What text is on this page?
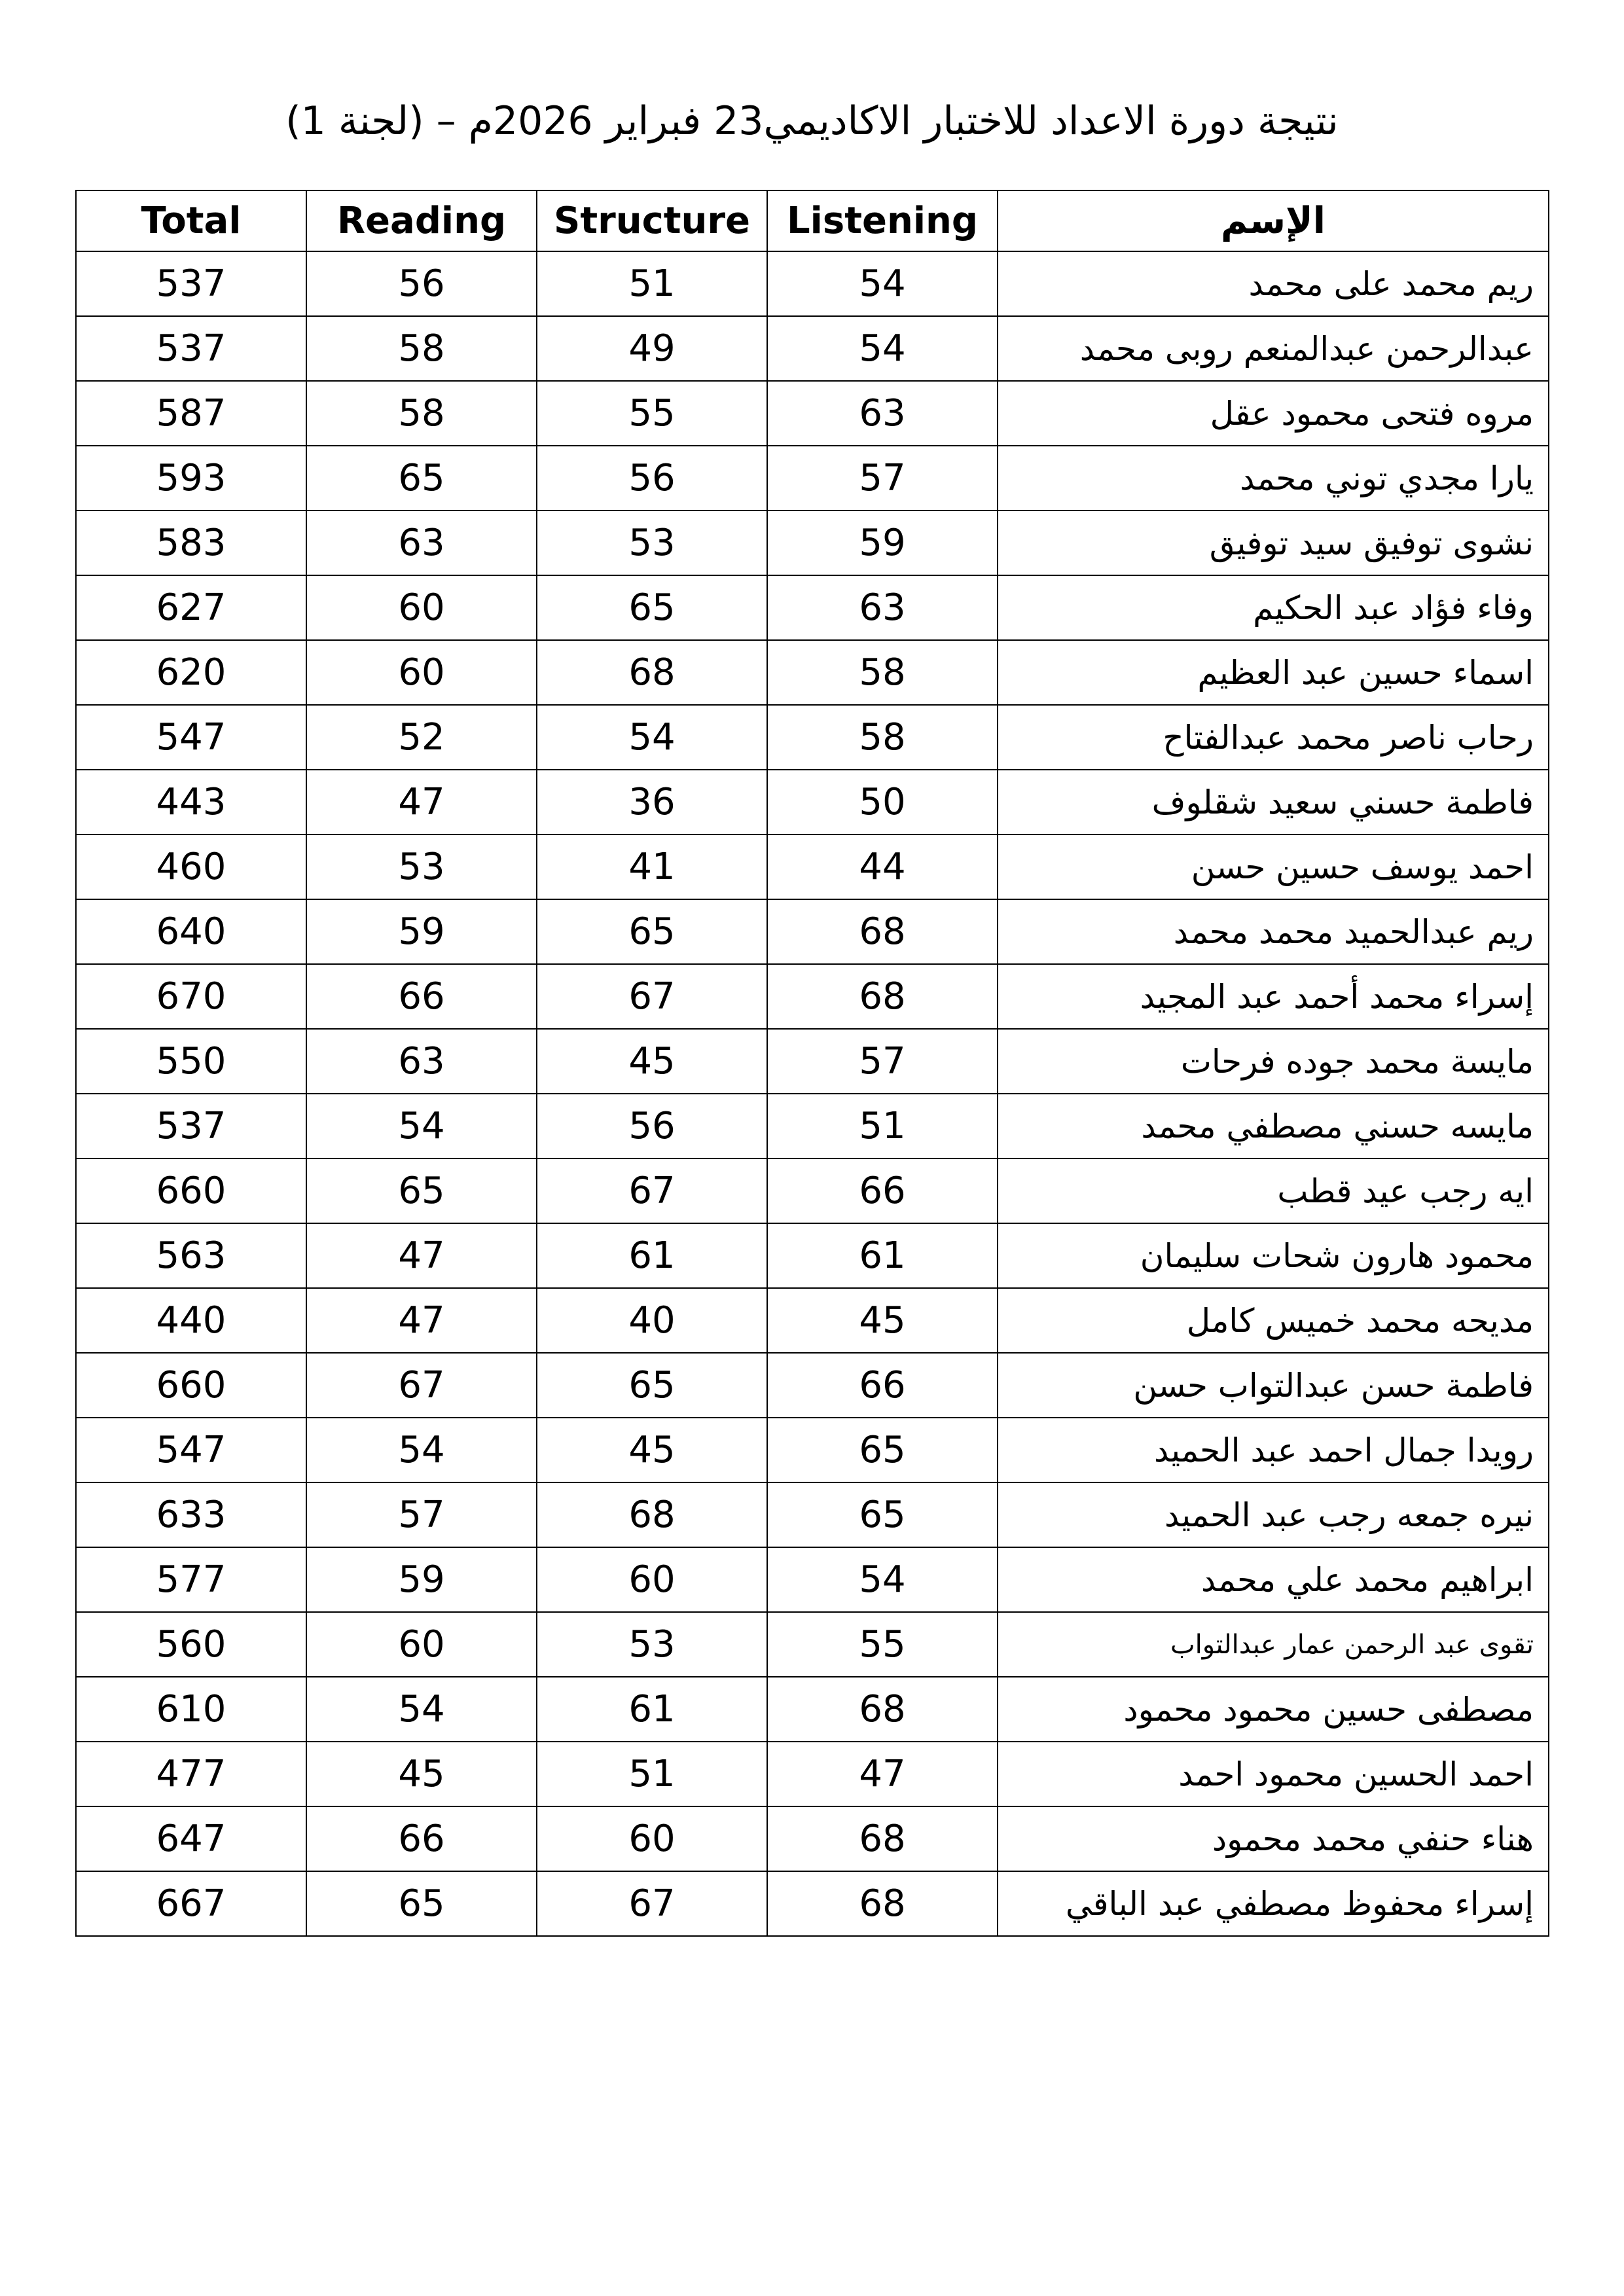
نتيجة دورة الاعداد للاختبار الاكاديمي23 فبراير 2026م – (لجنة 1)
Total	Reading	Structure	Listening	الإسم
537	56	51	54	ريم محمد على محمد
537	58	49	54	عبدالرحمن عبدالمنعم روبى محمد
587	58	55	63	مروه فتحى محمود عقل
593	65	56	57	يارا مجدي توني محمد
583	63	53	59	نشوى توفيق سيد توفيق
627	60	65	63	وفاء فؤاد عبد الحكيم
620	60	68	58	اسماء حسين عبد العظيم
547	52	54	58	رحاب ناصر محمد عبدالفتاح
443	47	36	50	فاطمة حسني سعيد شقلوف
460	53	41	44	احمد يوسف حسين حسن
640	59	65	68	ريم عبدالحميد محمد محمد
670	66	67	68	إسراء محمد أحمد عبد المجيد
550	63	45	57	مايسة محمد جوده فرحات
537	54	56	51	مايسه حسني مصطفي محمد
660	65	67	66	ايه رجب عيد قطب
563	47	61	61	محمود هارون شحات سليمان
440	47	40	45	مديحه محمد خميس كامل
660	67	65	66	فاطمة حسن عبدالتواب حسن
547	54	45	65	رويدا جمال احمد عبد الحميد
633	57	68	65	نيره جمعه رجب عبد الحميد
577	59	60	54	ابراهيم محمد علي محمد
560	60	53	55	تقوى عبد الرحمن عمار عبدالتواب
610	54	61	68	مصطفى حسين محمود محمود
477	45	51	47	احمد الحسين محمود احمد
647	66	60	68	هناء حنفي محمد محمود
667	65	67	68	إسراء محفوظ مصطفي عبد الباقي
